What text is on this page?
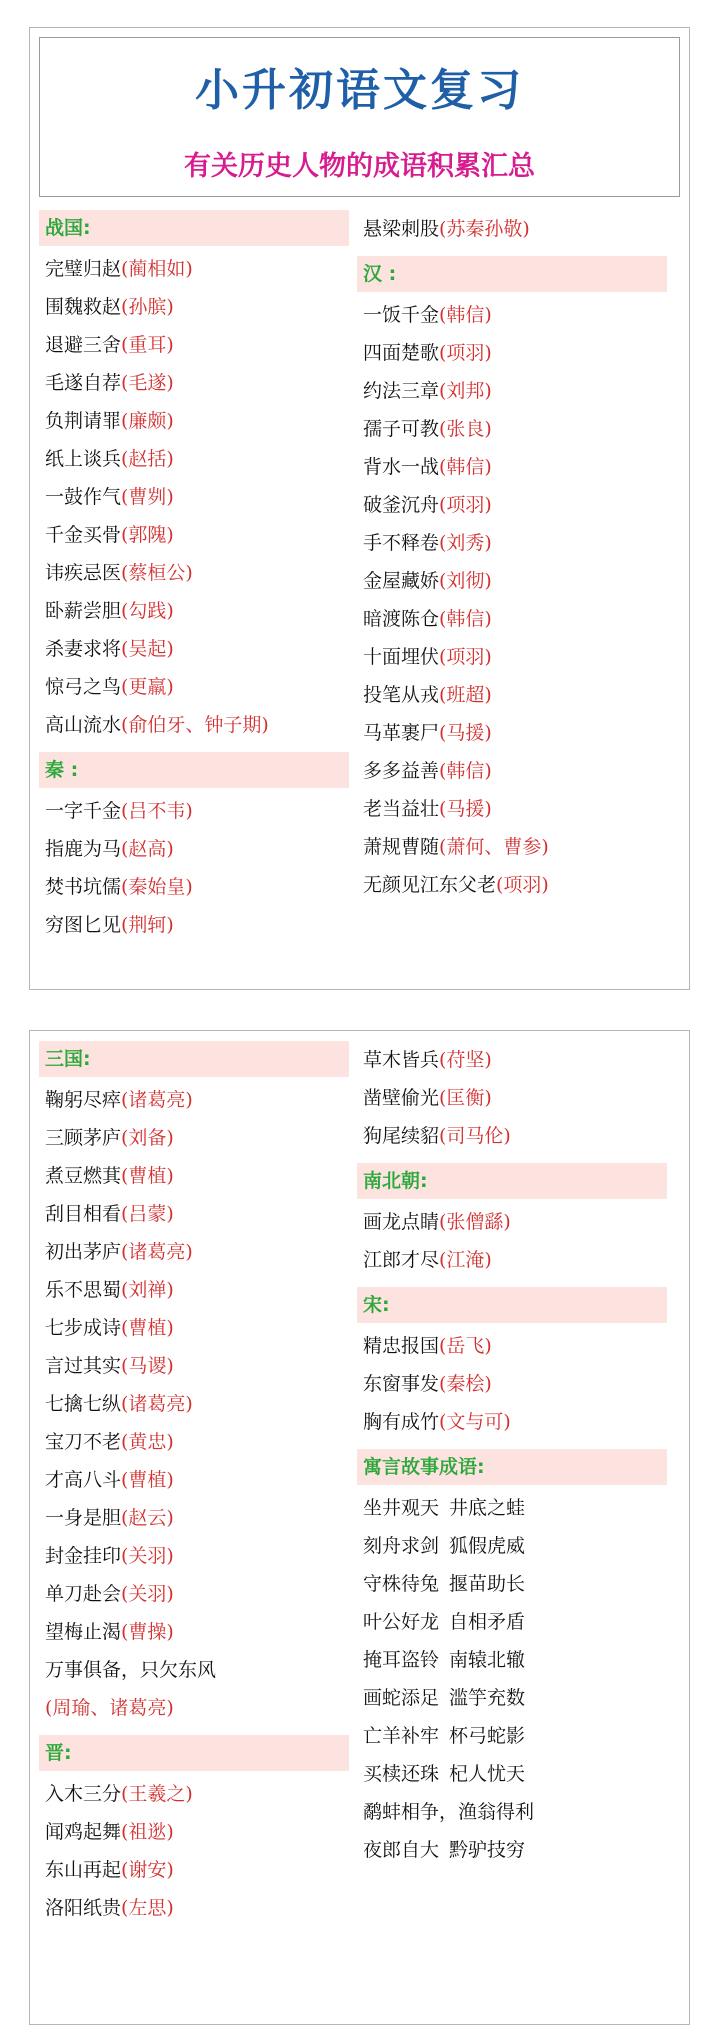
小升初语文复习
有关历史人物的成语积累汇总
战国:
完璧归赵(蔺相如)
围魏救赵(孙膑)
退避三舍(重耳)
毛遂自荐(毛遂)
负荆请罪(廉颇)
纸上谈兵(赵括)
一鼓作气(曹刿)
千金买骨(郭隗)
讳疾忌医(蔡桓公)
卧薪尝胆(勾践)
杀妻求将(吴起)
惊弓之鸟(更羸)
高山流水(俞伯牙、钟子期)
秦 :
一字千金(吕不韦)
指鹿为马(赵高)
焚书坑儒(秦始皇)
穷图匕见(荆轲)
悬梁刺股(苏秦孙敬)
汉 :
一饭千金(韩信)
四面楚歌(项羽)
约法三章(刘邦)
孺子可教(张良)
背水一战(韩信)
破釜沉舟(项羽)
手不释卷(刘秀)
金屋藏娇(刘彻)
暗渡陈仓(韩信)
十面埋伏(项羽)
投笔从戎(班超)
马革裹尸(马援)
多多益善(韩信)
老当益壮(马援)
萧规曹随(萧何、曹参)
无颜见江东父老(项羽)
三国:
鞠躬尽瘁(诸葛亮)
三顾茅庐(刘备)
煮豆燃萁(曹植)
刮目相看(吕蒙)
初出茅庐(诸葛亮)
乐不思蜀(刘禅)
七步成诗(曹植)
言过其实(马谡)
七擒七纵(诸葛亮)
宝刀不老(黄忠)
才高八斗(曹植)
一身是胆(赵云)
封金挂印(关羽)
单刀赴会(关羽)
望梅止渴(曹操)
万事俱备，只欠东风
(周瑜、诸葛亮)
晋:
入木三分(王羲之)
闻鸡起舞(祖逖)
东山再起(谢安)
洛阳纸贵(左思)
草木皆兵(苻坚)
凿壁偷光(匡衡)
狗尾续貂(司马伦)
南北朝:
画龙点睛(张僧繇)
江郎才尽(江淹)
宋:
精忠报国(岳飞)
东窗事发(秦桧)
胸有成竹(文与可)
寓言故事成语:
坐井观天 井底之蛙
刻舟求剑 狐假虎威
守株待兔 揠苗助长
叶公好龙 自相矛盾
掩耳盗铃 南辕北辙
画蛇添足 滥竽充数
亡羊补牢 杯弓蛇影
买椟还珠 杞人忧天
鹬蚌相争，渔翁得利
夜郎自大 黔驴技穷
